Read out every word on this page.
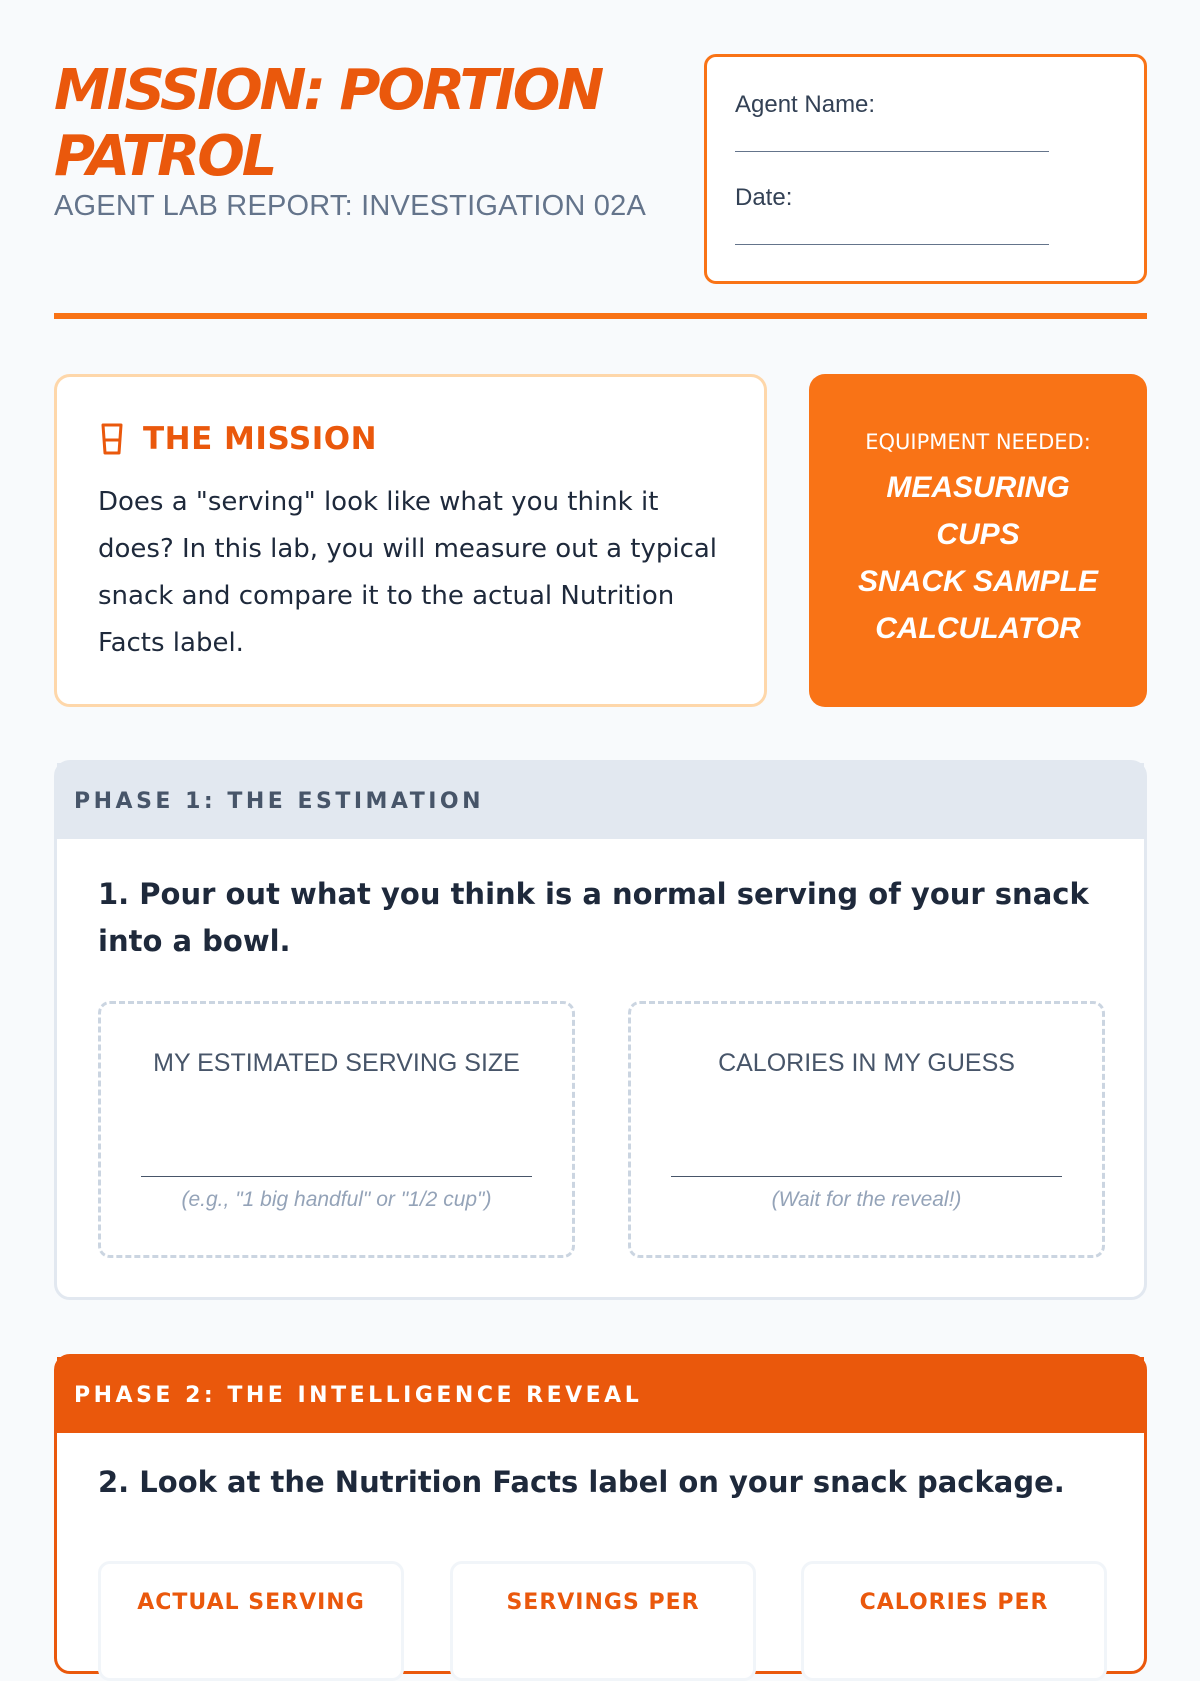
MISSION: PORTION PATROL
AGENT LAB REPORT: INVESTIGATION 02A
Agent Name:
Date:
THE MISSION

Does a "serving" look like what you think it does? In this lab, you will measure out a typical snack and compare it to the actual Nutrition Facts label.

EQUIPMENT NEEDED:
MEASURING CUPS
SNACK SAMPLE
CALCULATOR
PHASE 1: THE ESTIMATION
1. Pour out what you think is a normal serving of your snack into a bowl.
MY ESTIMATED SERVING SIZE
(e.g., "1 big handful" or "1/2 cup")
CALORIES IN MY GUESS
(Wait for the reveal!)
PHASE 2: THE INTELLIGENCE REVEAL
2. Look at the Nutrition Facts label on your snack package.
ACTUAL SERVING	SERVINGS PER	CALORIES PER
